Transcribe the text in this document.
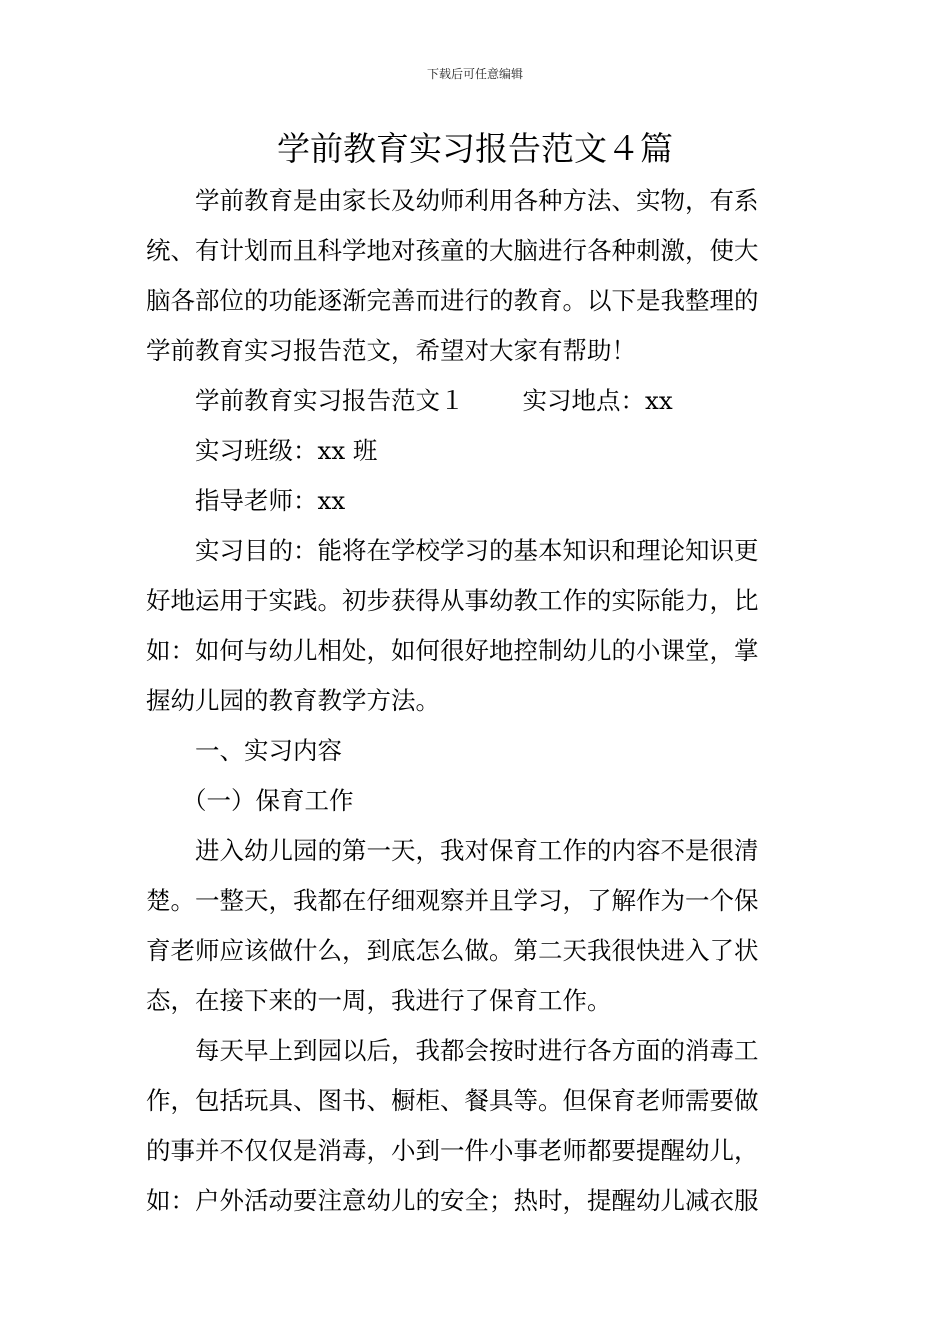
下载后可任意编辑
学前教育实习报告范文４篇

学前教育是由家长及幼师利用各种方法、实物，有系

统、有计划而且科学地对孩童的大脑进行各种刺激，使大

脑各部位的功能逐渐完善而进行的教育。以下是我整理的

学前教育实习报告范文，希望对大家有帮助！

学前教育实习报告范文１ 实习地点：xx

实习班级：xx 班

指导老师：xx

实习目的：能将在学校学习的基本知识和理论知识更

好地运用于实践。初步获得从事幼教工作的实际能力，比

如：如何与幼儿相处，如何很好地控制幼儿的小课堂，掌

握幼儿园的教育教学方法。

一、实习内容

（一）保育工作

进入幼儿园的第一天，我对保育工作的内容不是很清

楚。一整天，我都在仔细观察并且学习，了解作为一个保

育老师应该做什么，到底怎么做。第二天我很快进入了状

态，在接下来的一周，我进行了保育工作。

每天早上到园以后，我都会按时进行各方面的消毒工

作，包括玩具、图书、橱柜、餐具等。但保育老师需要做

的事并不仅仅是消毒，小到一件小事老师都要提醒幼儿，

如：户外活动要注意幼儿的安全；热时，提醒幼儿减衣服
